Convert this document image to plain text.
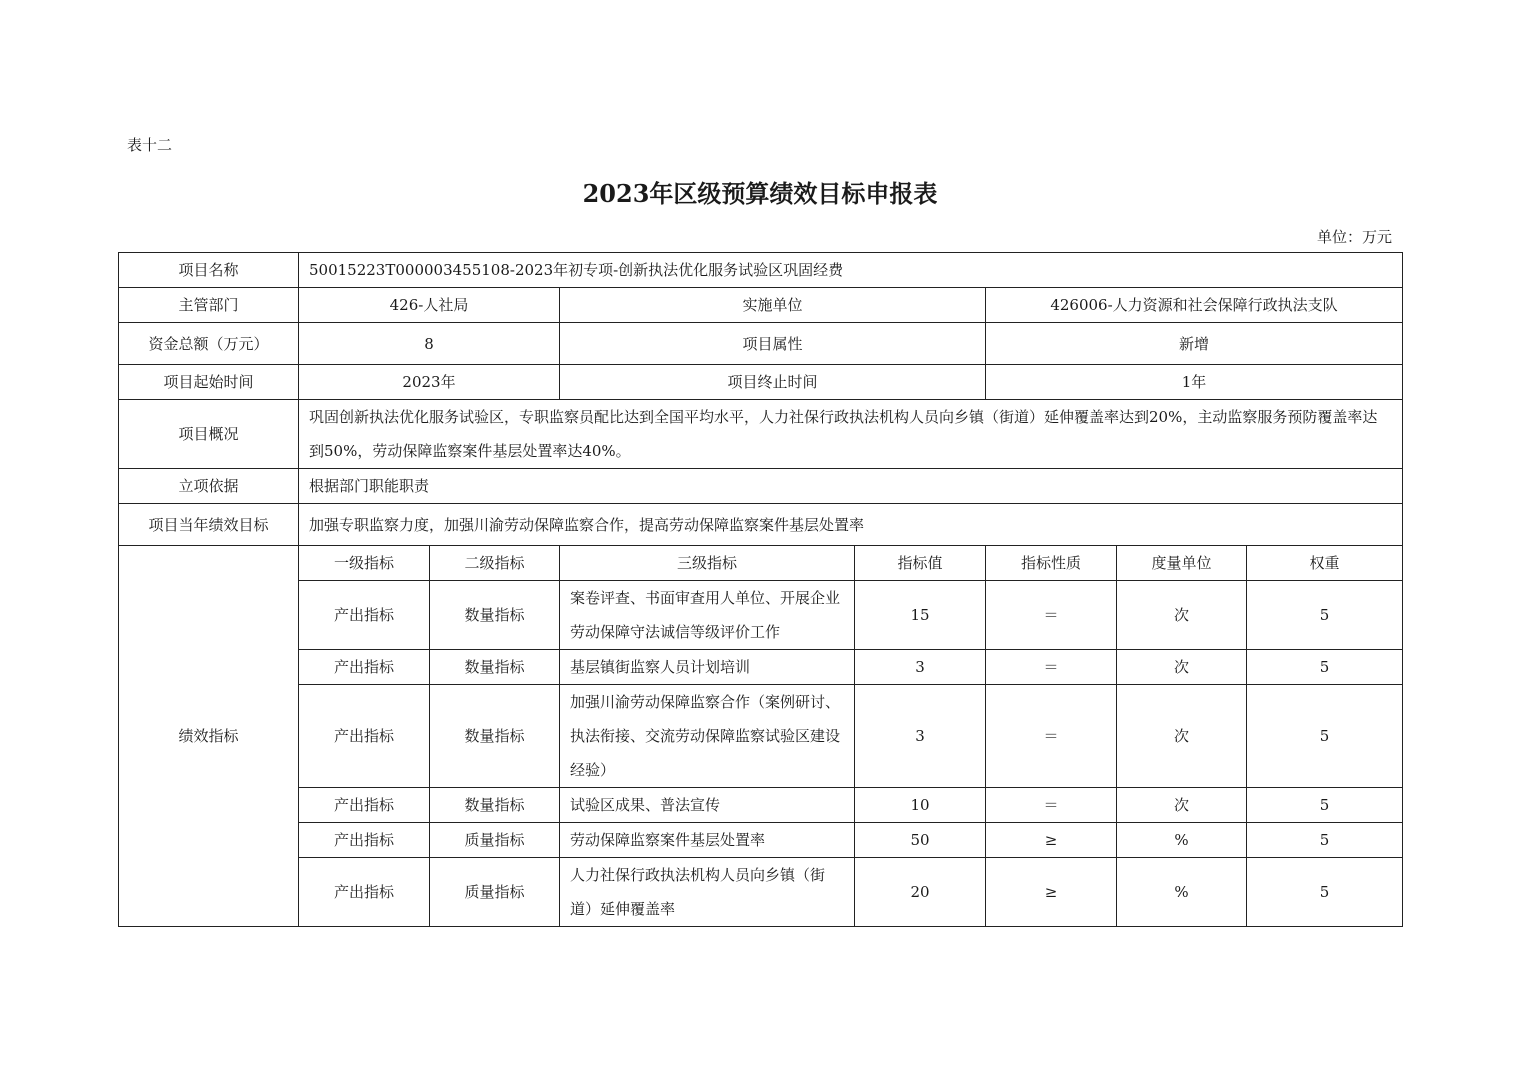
表十二
2023年区级预算绩效目标申报表
单位：万元
项目名称	50015223T000003455108-2023年初专项-创新执法优化服务试验区巩固经费						
主管部门	426-人社局		实施单位		426006-人力资源和社会保障行政执法支队		
资金总额（万元）	8		项目属性		新增		
项目起始时间	2023年		项目终止时间		1年		
项目概况	巩固创新执法优化服务试验区，专职监察员配比达到全国平均水平，人力社保行政执法机构人员向乡镇（街道）延伸覆盖率达到20%，主动监察服务预防覆盖率达到50%，劳动保障监察案件基层处置率达40%。						
立项依据	根据部门职能职责						
项目当年绩效目标	加强专职监察力度，加强川渝劳动保障监察合作，提高劳动保障监察案件基层处置率						
绩效指标	一级指标	二级指标	三级指标	指标值	指标性质	度量单位	权重
	产出指标	数量指标	案卷评查、书面审查用人单位、开展企业劳动保障守法诚信等级评价工作	15	＝	次	5
	产出指标	数量指标	基层镇街监察人员计划培训	3	＝	次	5
	产出指标	数量指标	加强川渝劳动保障监察合作（案例研讨、执法衔接、交流劳动保障监察试验区建设经验）	3	＝	次	5
	产出指标	数量指标	试验区成果、普法宣传	10	＝	次	5
	产出指标	质量指标	劳动保障监察案件基层处置率	50	≥	%	5
	产出指标	质量指标	人力社保行政执法机构人员向乡镇（街道）延伸覆盖率	20	≥	%	5
